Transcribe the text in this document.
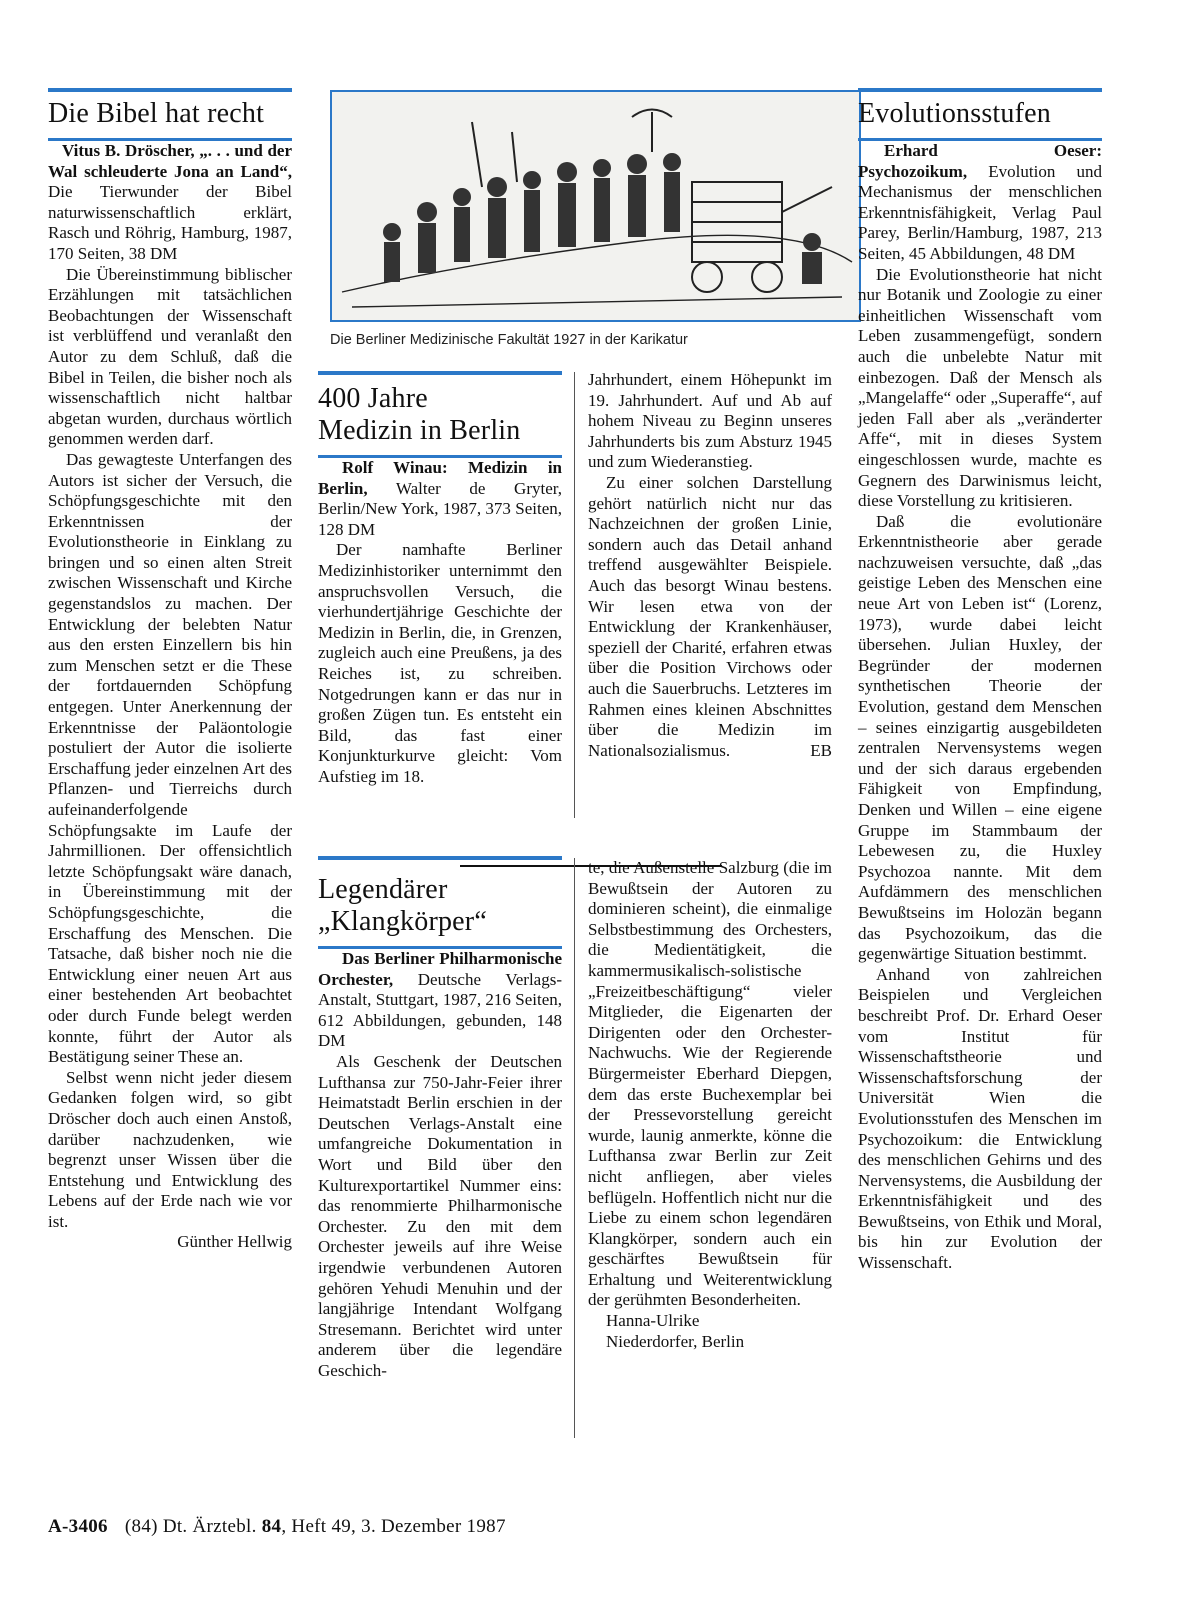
Die Bibel hat recht

Vitus B. Dröscher, „. . . und der Wal schleuderte Jona an Land“, Die Tierwunder der Bibel naturwissenschaftlich erklärt, Rasch und Röhrig, Hamburg, 1987, 170 Seiten, 38 DM

Die Übereinstimmung biblischer Erzählungen mit tatsächlichen Beobachtungen der Wissenschaft ist verblüffend und veranlaßt den Autor zu dem Schluß, daß die Bibel in Teilen, die bisher noch als wissenschaftlich nicht haltbar abgetan wurden, durchaus wörtlich genommen werden darf.

Das gewagteste Unterfangen des Autors ist sicher der Versuch, die Schöpfungsgeschichte mit den Erkenntnissen der Evolutionstheorie in Einklang zu bringen und so einen alten Streit zwischen Wissenschaft und Kirche gegenstandslos zu machen. Der Entwicklung der belebten Natur aus den ersten Einzellern bis hin zum Menschen setzt er die These der fortdauernden Schöpfung entgegen. Unter Anerkennung der Erkenntnisse der Paläontologie postuliert der Autor die isolierte Erschaffung jeder einzelnen Art des Pflanzen- und Tierreichs durch aufeinanderfolgende Schöpfungsakte im Laufe der Jahrmillionen. Der offensichtlich letzte Schöpfungsakt wäre danach, in Übereinstimmung mit der Schöpfungsgeschichte, die Erschaffung des Menschen. Die Tatsache, daß bisher noch nie die Entwicklung einer neuen Art aus einer bestehenden Art beobachtet oder durch Funde belegt werden konnte, führt der Autor als Bestätigung seiner These an.

Selbst wenn nicht jeder diesem Gedanken folgen wird, so gibt Dröscher doch auch einen Anstoß, darüber nachzudenken, wie begrenzt unser Wissen über die Entstehung und Entwicklung des Lebens auf der Erde nach wie vor ist.

Günther Hellwig

Die Berliner Medizinische Fakultät 1927 in der Karikatur
400 Jahre
Medizin in Berlin

Rolf Winau: Medizin in Berlin, Walter de Gryter, Berlin/New York, 1987, 373 Seiten, 128 DM

Der namhafte Berliner Medizinhistoriker unternimmt den anspruchsvollen Versuch, die vierhundertjährige Geschichte der Medizin in Berlin, die, in Grenzen, zugleich auch eine Preußens, ja des Reiches ist, zu schreiben. Notgedrungen kann er das nur in großen Zügen tun. Es entsteht ein Bild, das fast einer Konjunkturkurve gleicht: Vom Aufstieg im 18.

Jahrhundert, einem Höhepunkt im 19. Jahrhundert. Auf und Ab auf hohem Niveau zu Beginn unseres Jahrhunderts bis zum Absturz 1945 und zum Wiederanstieg.

Zu einer solchen Darstellung gehört natürlich nicht nur das Nachzeichnen der großen Linie, sondern auch das Detail anhand treffend ausgewählter Beispiele. Auch das besorgt Winau bestens. Wir lesen etwa von der Entwicklung der Krankenhäuser, speziell der Charité, erfahren etwas über die Position Virchows oder auch die Sauerbruchs. Letzteres im Rahmen eines kleinen Abschnittes über die Medizin im Nationalsozialismus.	EB

Legendärer
„Klangkörper“

Das Berliner Philharmonische Orchester, Deutsche Verlags-Anstalt, Stuttgart, 1987, 216 Seiten, 612 Abbildungen, gebunden, 148 DM

Als Geschenk der Deutschen Lufthansa zur 750-Jahr-Feier ihrer Heimatstadt Berlin erschien in der Deutschen Verlags-Anstalt eine umfangreiche Dokumentation in Wort und Bild über den Kulturexportartikel Nummer eins: das renommierte Philharmonische Orchester. Zu den mit dem Orchester jeweils auf ihre Weise irgendwie verbundenen Autoren gehören Yehudi Menuhin und der langjährige Intendant Wolfgang Stresemann. Berichtet wird unter anderem über die legendäre Geschich-

te, die Außenstelle Salzburg (die im Bewußtsein der Autoren zu dominieren scheint), die einmalige Selbstbestimmung des Orchesters, die Medientätigkeit, die kammermusikalisch-solistische „Freizeitbeschäftigung“ vieler Mitglieder, die Eigenarten der Dirigenten oder den Orchester-Nachwuchs. Wie der Regierende Bürgermeister Eberhard Diepgen, dem das erste Buchexemplar bei der Pressevorstellung gereicht wurde, launig anmerkte, könne die Lufthansa zwar Berlin zur Zeit nicht anfliegen, aber vieles beflügeln. Hoffentlich nicht nur die Liebe zu einem schon legendären Klangkörper, sondern auch ein geschärftes Bewußtsein für Erhaltung und Weiterentwicklung der gerühmten Besonderheiten.

Hanna-Ulrike

Niederdorfer, Berlin

Evolutionsstufen

Erhard Oeser: Psychozoikum, Evolution und Mechanismus der menschlichen Erkenntnisfähigkeit, Verlag Paul Parey, Berlin/Hamburg, 1987, 213 Seiten, 45 Abbildungen, 48 DM

Die Evolutionstheorie hat nicht nur Botanik und Zoologie zu einer einheitlichen Wissenschaft vom Leben zusammengefügt, sondern auch die unbelebte Natur mit einbezogen. Daß der Mensch als „Mangelaffe“ oder „Superaffe“, auf jeden Fall aber als „veränderter Affe“, mit in dieses System eingeschlossen wurde, machte es Gegnern des Darwinismus leicht, diese Vorstellung zu kritisieren.

Daß die evolutionäre Erkenntnistheorie aber gerade nachzuweisen versuchte, daß „das geistige Leben des Menschen eine neue Art von Leben ist“ (Lorenz, 1973), wurde dabei leicht übersehen. Julian Huxley, der Begründer der modernen synthetischen Theorie der Evolution, gestand dem Menschen – seines einzigartig ausgebildeten zentralen Nervensystems wegen und der sich daraus ergebenden Fähigkeit von Empfindung, Denken und Willen – eine eigene Gruppe im Stammbaum der Lebewesen zu, die Huxley Psychozoa nannte. Mit dem Aufdämmern des menschlichen Bewußtseins im Holozän begann das Psychozoikum, das die gegenwärtige Situation bestimmt.

Anhand von zahlreichen Beispielen und Vergleichen beschreibt Prof. Dr. Erhard Oeser vom Institut für Wissenschaftstheorie und Wissenschaftsforschung der Universität Wien die Evolutionsstufen des Menschen im Psychozoikum: die Entwicklung des menschlichen Gehirns und des Nervensystems, die Ausbildung der Erkenntnisfähigkeit und des Bewußtseins, von Ethik und Moral, bis hin zur Evolution der Wissenschaft.

A-3406 (84) Dt. Ärztebl. 84, Heft 49, 3. Dezember 1987
